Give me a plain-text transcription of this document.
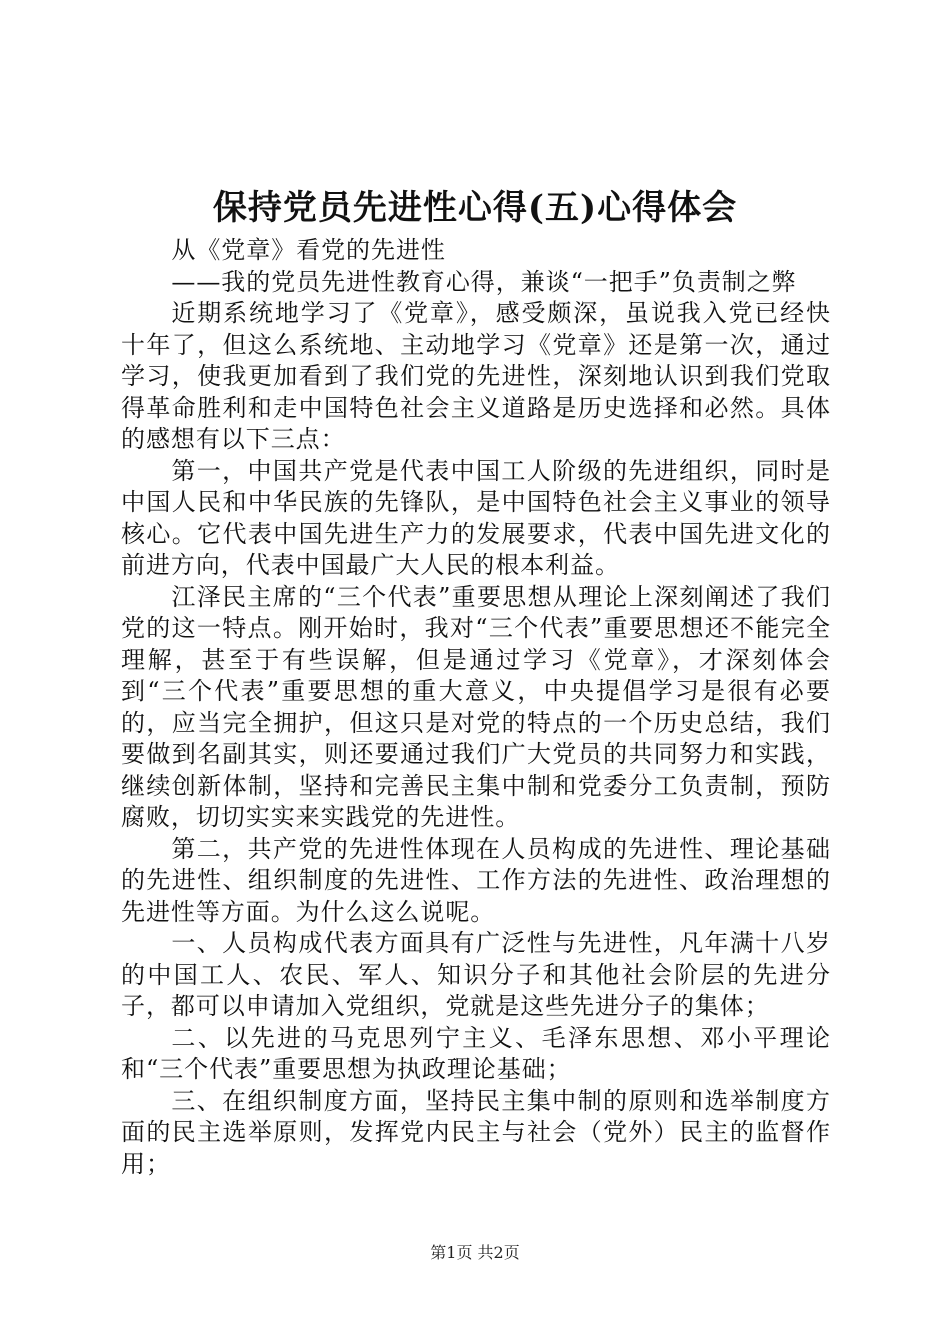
保持党员先进性心得(五)心得体会

从《党章》看党的先进性

——我的党员先进性教育心得，兼谈“一把手”负责制之弊

近期系统地学习了《党章》，感受颇深，虽说我入党已经快十年了，但这么系统地、主动地学习《党章》还是第一次，通过学习，使我更加看到了我们党的先进性，深刻地认识到我们党取得革命胜利和走中国特色社会主义道路是历史选择和必然。具体的感想有以下三点：

第一，中国共产党是代表中国工人阶级的先进组织，同时是中国人民和中华民族的先锋队，是中国特色社会主义事业的领导核心。它代表中国先进生产力的发展要求，代表中国先进文化的前进方向，代表中国最广大人民的根本利益。

江泽民主席的“三个代表”重要思想从理论上深刻阐述了我们党的这一特点。刚开始时，我对“三个代表”重要思想还不能完全理解，甚至于有些误解，但是通过学习《党章》，才深刻体会到“三个代表”重要思想的重大意义，中央提倡学习是很有必要的，应当完全拥护，但这只是对党的特点的一个历史总结，我们要做到名副其实，则还要通过我们广大党员的共同努力和实践，继续创新体制，坚持和完善民主集中制和党委分工负责制，预防腐败，切切实实来实践党的先进性。

第二，共产党的先进性体现在人员构成的先进性、理论基础的先进性、组织制度的先进性、工作方法的先进性、政治理想的先进性等方面。为什么这么说呢。

一、人员构成代表方面具有广泛性与先进性，凡年满十八岁的中国工人、农民、军人、知识分子和其他社会阶层的先进分子，都可以申请加入党组织，党就是这些先进分子的集体；

二、以先进的马克思列宁主义、毛泽东思想、邓小平理论和“三个代表”重要思想为执政理论基础；

三、在组织制度方面，坚持民主集中制的原则和选举制度方面的民主选举原则，发挥党内民主与社会（党外）民主的监督作用；

第1页 共2页
